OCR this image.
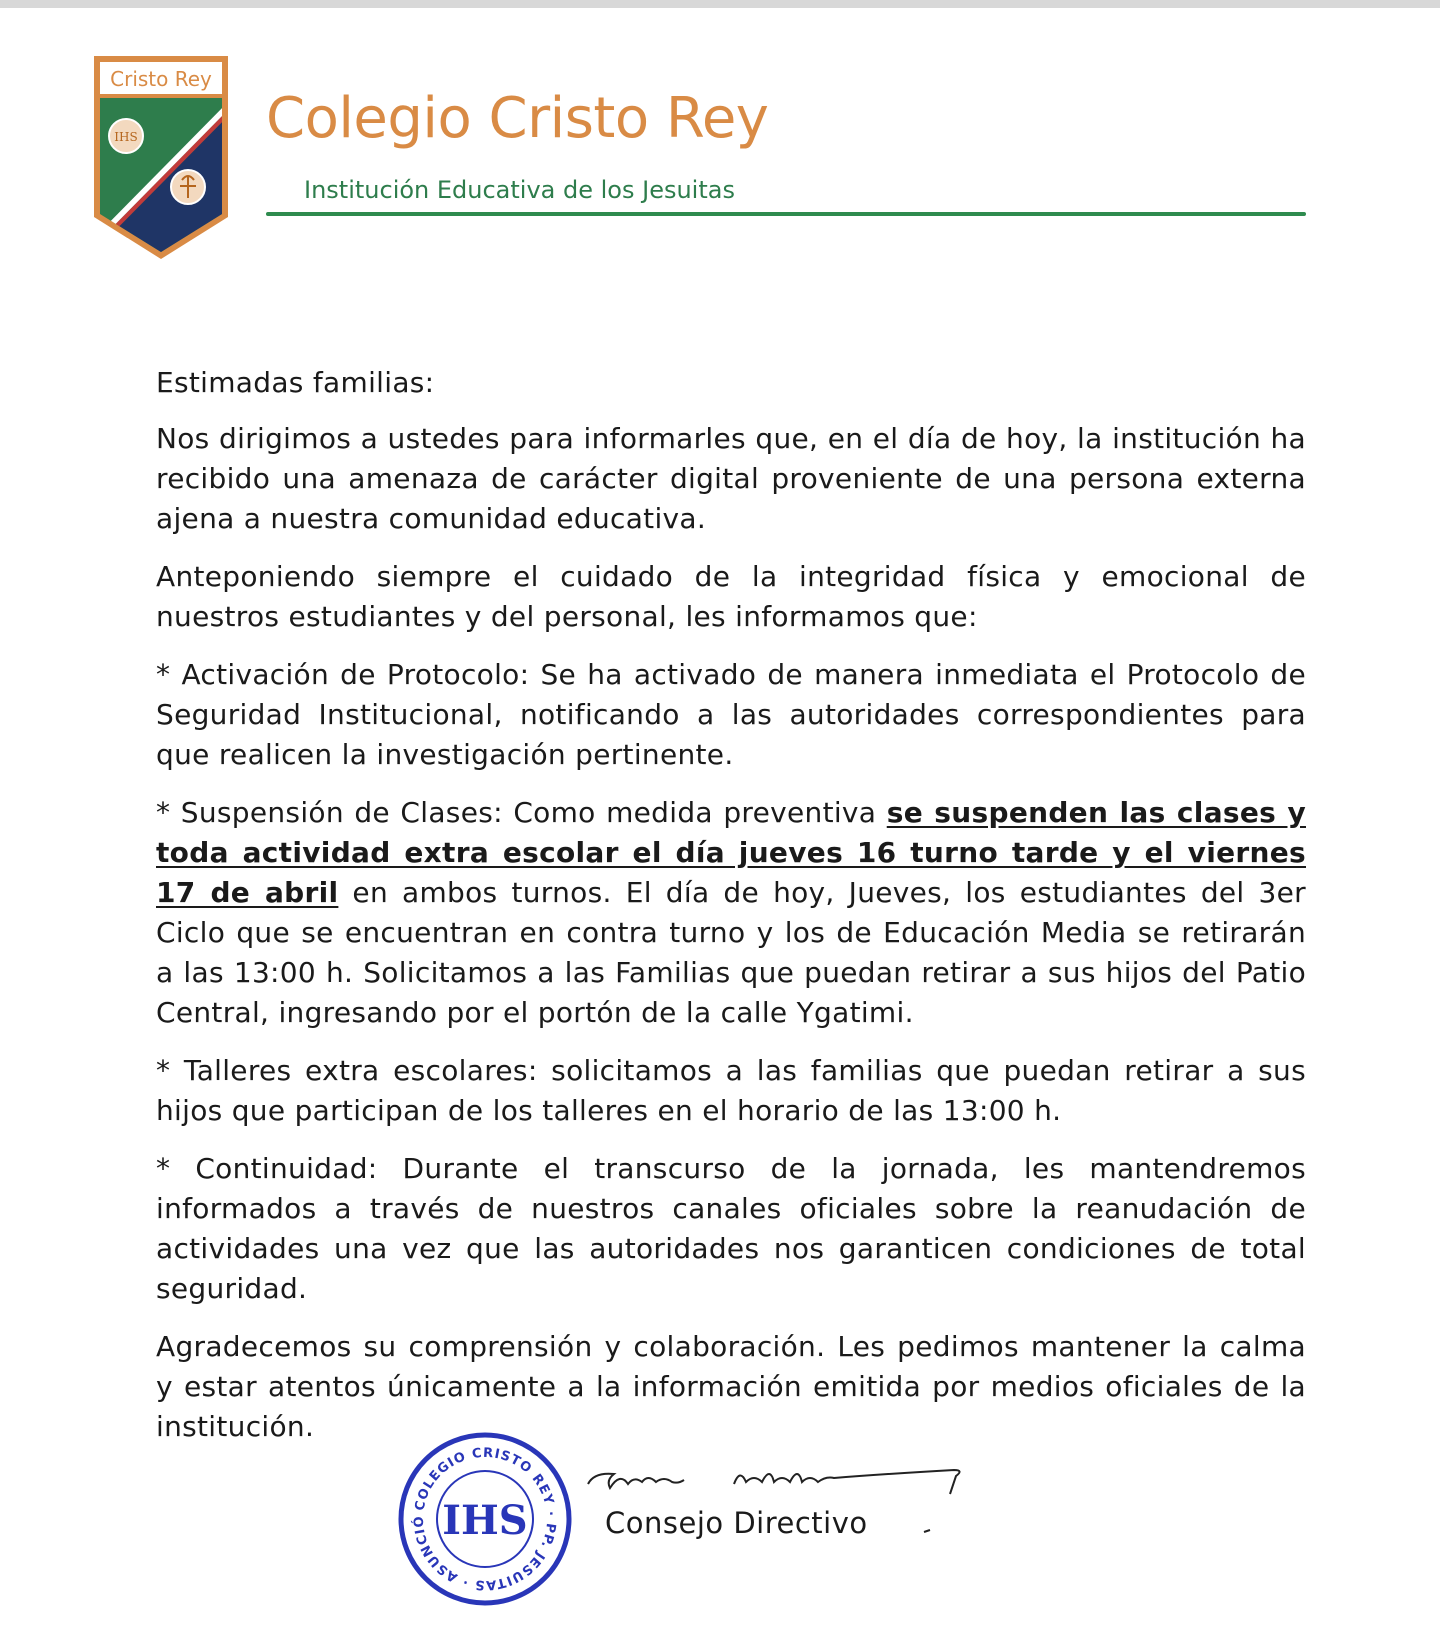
Cristo Rey
IHS Colegio Cristo Rey
Institución Educativa de los Jesuitas

Estimadas familias:

Nos dirigimos a ustedes para informarles que, en el día de hoy, la institución ha recibido una amenaza de carácter digital proveniente de una persona externa ajena a nuestra comunidad educativa.

Anteponiendo siempre el cuidado de la integridad física y emocional de nuestros estudiantes y del personal, les informamos que:

* Activación de Protocolo: Se ha activado de manera inmediata el Protocolo de Seguridad Institucional, notificando a las autoridades correspondientes para que realicen la investigación pertinente.

* Suspensión de Clases: Como medida preventiva se suspenden las clases y toda actividad extra escolar el día jueves 16 turno tarde y el viernes 17 de abril en ambos turnos. El día de hoy, Jueves, los estudiantes del 3er Ciclo que se encuentran en contra turno y los de Educación Media se retirarán a las 13:00 h. Solicitamos a las Familias que puedan retirar a sus hijos del Patio Central, ingresando por el portón de la calle Ygatimi.

* Talleres extra escolares: solicitamos a las familias que puedan retirar a sus hijos que participan de los talleres en el horario de las 13:00 h.

* Continuidad: Durante el transcurso de la jornada, les mantendremos informados a través de nuestros canales oficiales sobre la reanudación de actividades una vez que las autoridades nos garanticen condiciones de total seguridad.

Agradecemos su comprensión y colaboración. Les pedimos mantener la calma y estar atentos únicamente a la información emitida por medios oficiales de la institución.

COLEGIO CRISTO REY · PP. JESUITAS · ASUNCIÓ IHS	Consejo Directivo
